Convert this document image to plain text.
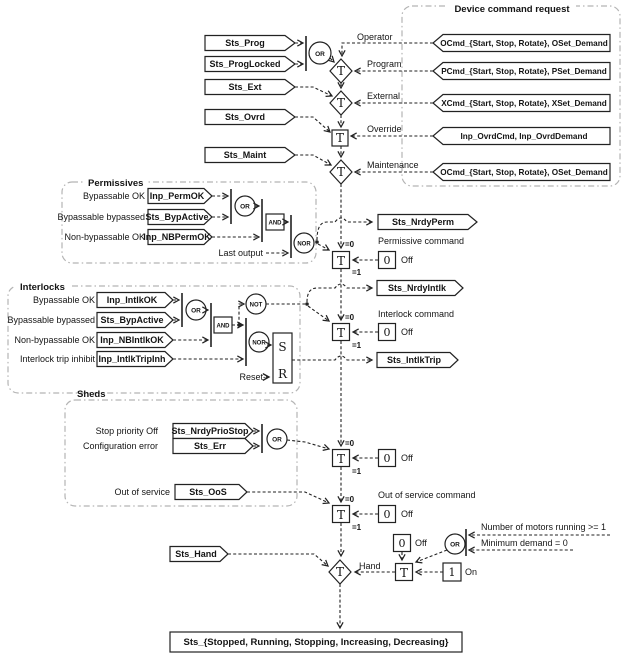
Device command request
Permissives
Interlocks
Sheds
OCmd_{Start, Stop, Rotate}, OSet_Demand
PCmd_{Start, Stop, Rotate}, PSet_Demand
XCmd_{Start, Stop, Rotate}, XSet_Demand
Inp_OvrdCmd, Inp_OvrdDemand
OCmd_{Start, Stop, Rotate}, OSet_Demand
Sts_Prog
Sts_ProgLocked
Sts_Ext
Sts_Ovrd
Sts_Maint
OR
Operator
Program
External
Override
Maintenance
T
T
T
T
Bypassable OK Inp_PermOK
Bypassable bypassed Sts_BypActive
Non-bypassable OK
Inp_NBPermOK
OR
AND
Last output
NOR
Sts_NrdyPerm
=0
=1
T
Permissive command
0 Off
Bypassable OK Inp_IntlkOK
Bypassable bypassed Sts_BypActive
Non-bypassable OK Inp_NBIntlkOK
Interlock trip inhibit Inp_IntlkTripInh
OR
AND
NOT
NOR S
R
Reset-
Sts_NrdyIntlk
=0
=1
T
Interlock command
0 Off
Sts_IntlkTrip
Stop priority Off Sts_NrdyPrioStop
Configuration error	Sts_Err
OR	=0
=1
T	0 Off
Out of service Sts_OoS
=0
=1
T
Out of service command
0 Off
Sts_Hand
T Hand
0 Off
T
OR
Number of motors running >= 1
Minimum demand = 0
1 On
Sts_{Stopped, Running, Stopping, Increasing, Decreasing}
